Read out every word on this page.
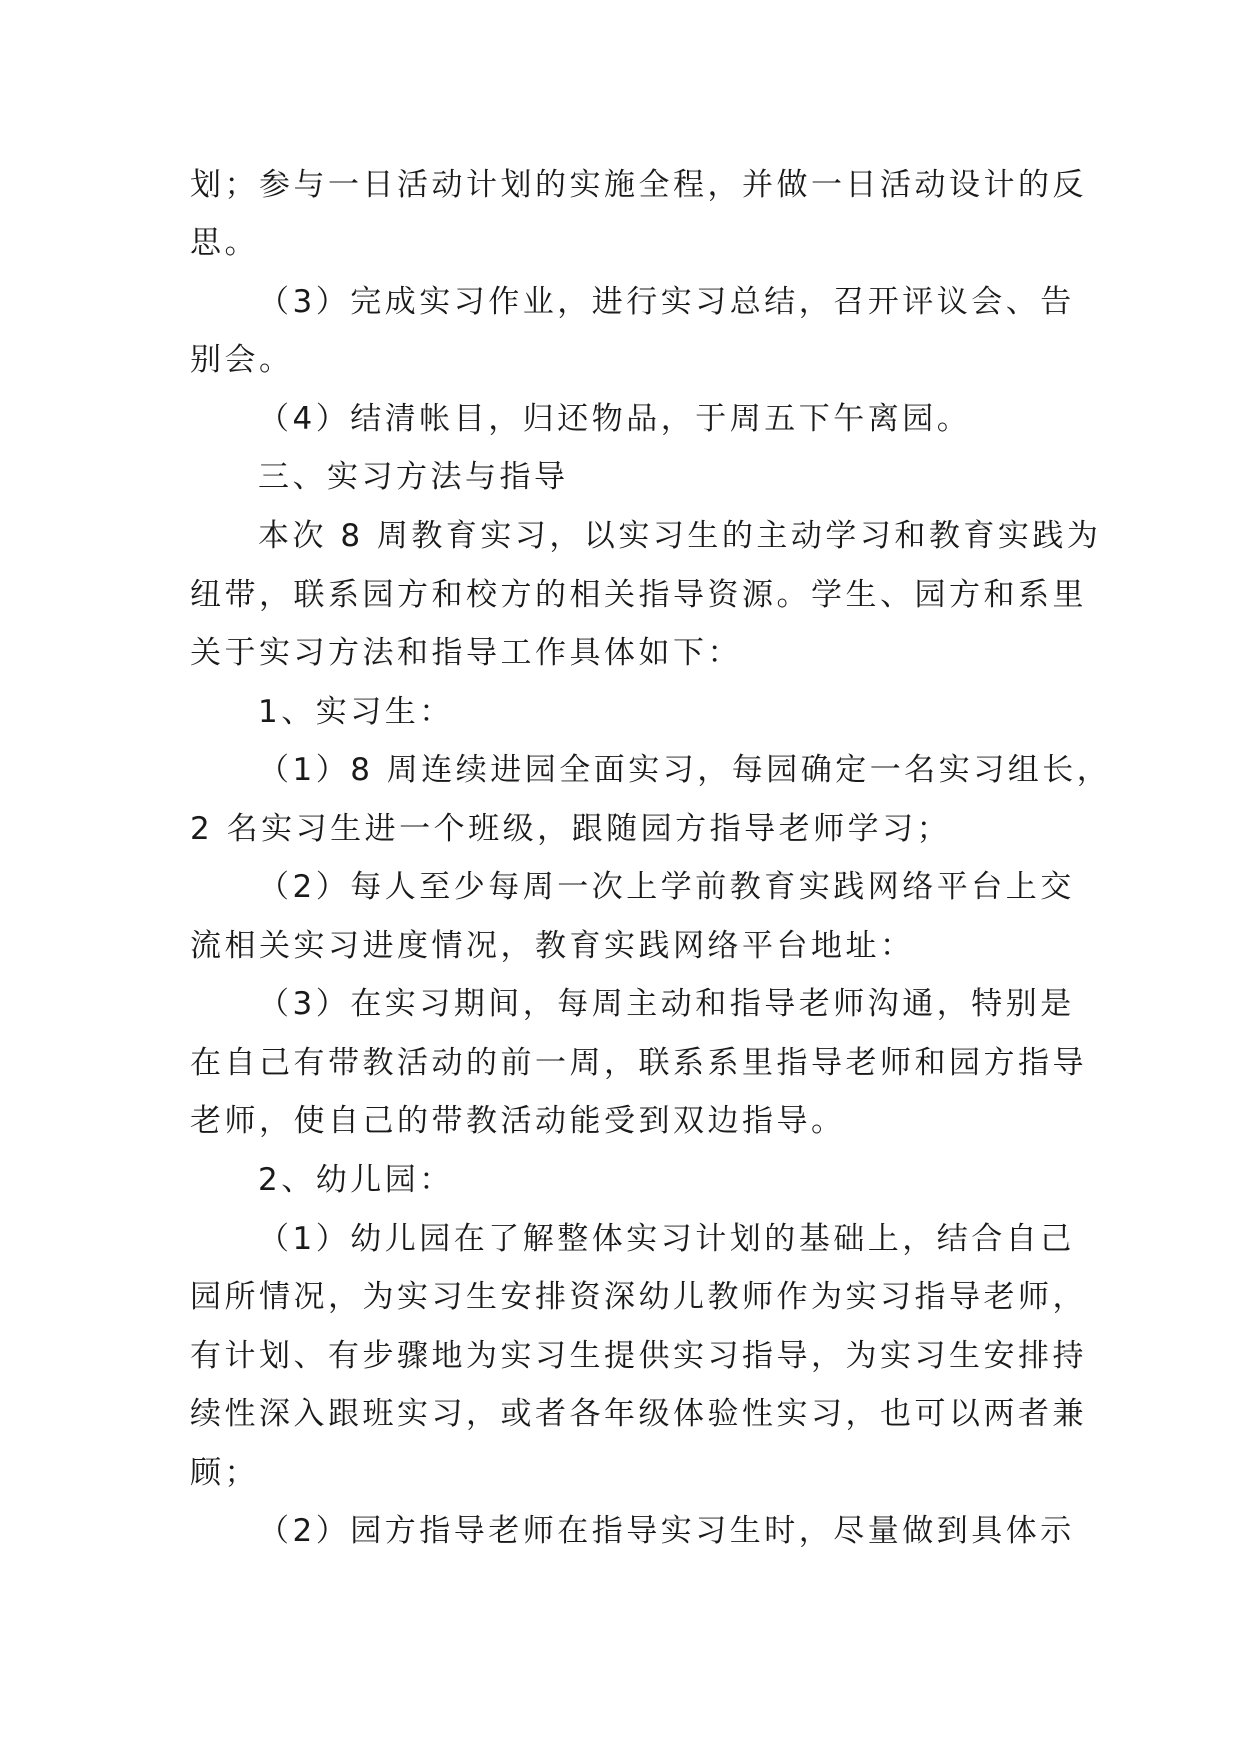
划；参与一日活动计划的实施全程，并做一日活动设计的反
思。
（3）完成实习作业，进行实习总结，召开评议会、告
别会。
（4）结清帐目，归还物品，于周五下午离园。
三、实习方法与指导
本次 8 周教育实习，以实习生的主动学习和教育实践为
纽带，联系园方和校方的相关指导资源。学生、园方和系里
关于实习方法和指导工作具体如下：
1、实习生：
（1）8 周连续进园全面实习，每园确定一名实习组长，
2 名实习生进一个班级，跟随园方指导老师学习；
（2）每人至少每周一次上学前教育实践网络平台上交
流相关实习进度情况，教育实践网络平台地址：
（3）在实习期间，每周主动和指导老师沟通，特别是
在自己有带教活动的前一周，联系系里指导老师和园方指导
老师，使自己的带教活动能受到双边指导。
2、幼儿园：
（1）幼儿园在了解整体实习计划的基础上，结合自己
园所情况，为实习生安排资深幼儿教师作为实习指导老师，
有计划、有步骤地为实习生提供实习指导，为实习生安排持
续性深入跟班实习，或者各年级体验性实习，也可以两者兼
顾；
（2）园方指导老师在指导实习生时，尽量做到具体示
